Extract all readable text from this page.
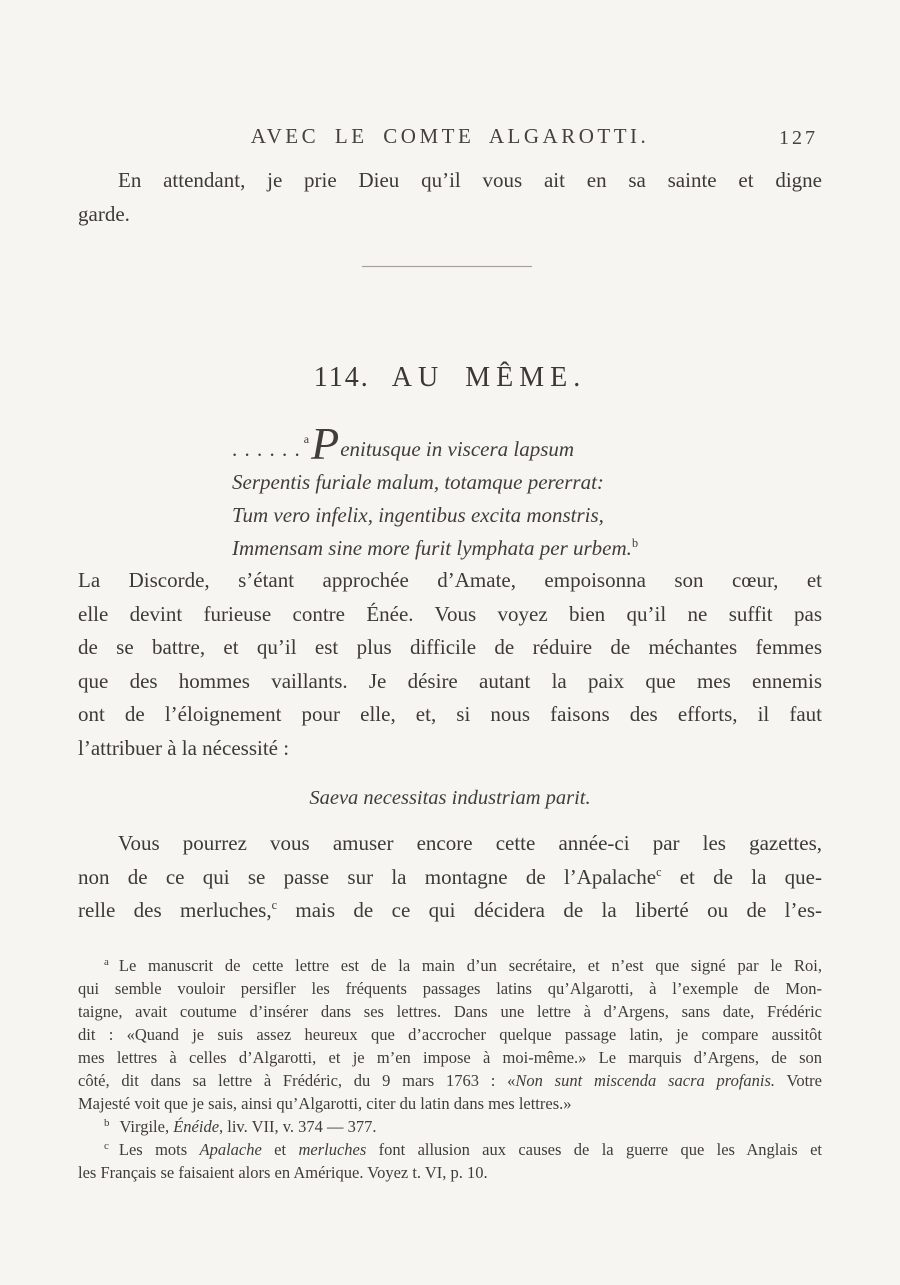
AVEC LE COMTE ALGAROTTI.	127
En attendant, je prie Dieu qu’il vous ait en sa sainte et digne
garde.
114. AU MÊME.
. . . . . . $^a$Penitusque in viscera lapsum
Serpentis furiale malum, totamque pererrat:
Tum vero infelix, ingentibus excita monstris,
Immensam sine more furit lymphata per urbem.$^b$
La Discorde, s’étant approchée d’Amate, empoisonna son cœur, et
elle devint furieuse contre Énée. Vous voyez bien qu’il ne suffit pas
de se battre, et qu’il est plus difficile de réduire de méchantes femmes
que des hommes vaillants. Je désire autant la paix que mes ennemis
ont de l’éloignement pour elle, et, si nous faisons des efforts, il faut
l’attribuer à la nécessité :
Saeva necessitas industriam parit.
Vous pourrez vous amuser encore cette année-ci par les gazettes,
non de ce qui se passe sur la montagne de l’Apalache$^c$ et de la que-
relle des merluches,$^c$ mais de ce qui décidera de la liberté ou de l’es-
$^a$ Le manuscrit de cette lettre est de la main d’un secrétaire, et n’est que signé par le Roi,
qui semble vouloir persifler les fréquents passages latins qu’Algarotti, à l’exemple de Mon-
taigne, avait coutume d’insérer dans ses lettres. Dans une lettre à d’Argens, sans date, Frédéric
dit : «Quand je suis assez heureux que d’accrocher quelque passage latin, je compare aussitôt
mes lettres à celles d’Algarotti, et je m’en impose à moi-même.» Le marquis d’Argens, de son
côté, dit dans sa lettre à Frédéric, du 9 mars 1763 : «Non sunt miscenda sacra profanis. Votre
Majesté voit que je sais, ainsi qu’Algarotti, citer du latin dans mes lettres.»
$^b$ Virgile, Énéide, liv. VII, v. 374 — 377.
$^c$ Les mots Apalache et merluches font allusion aux causes de la guerre que les Anglais et
les Français se faisaient alors en Amérique. Voyez t. VI, p. 10.
